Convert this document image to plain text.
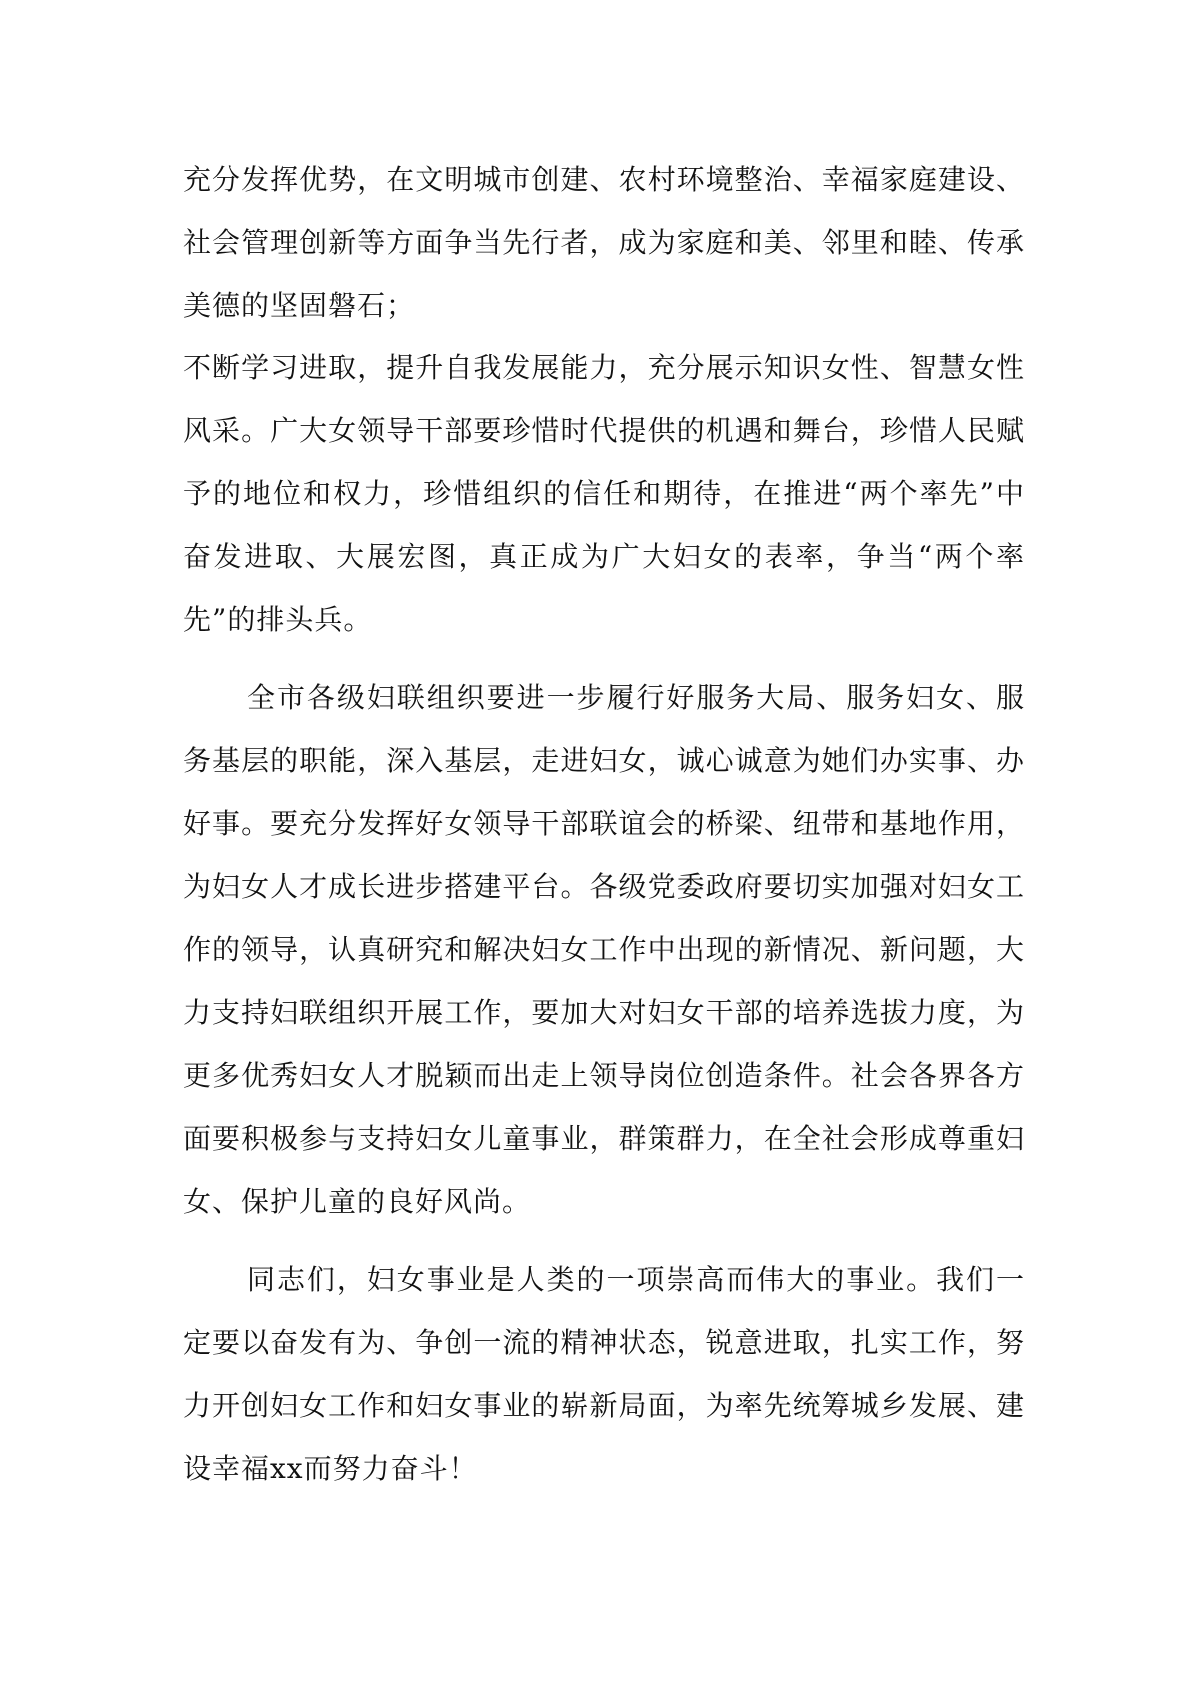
充分发挥优势，在文明城市创建、农村环境整治、幸福家庭建设、社会管理创新等方面争当先行者，成为家庭和美、邻里和睦、传承美德的坚固磐石；

不断学习进取，提升自我发展能力，充分展示知识女性、智慧女性风采。广大女领导干部要珍惜时代提供的机遇和舞台，珍惜人民赋予的地位和权力，珍惜组织的信任和期待，在推进“两个率先”中奋发进取、大展宏图，真正成为广大妇女的表率，争当“两个率先”的排头兵。

全市各级妇联组织要进一步履行好服务大局、服务妇女、服务基层的职能，深入基层，走进妇女，诚心诚意为她们办实事、办好事。要充分发挥好女领导干部联谊会的桥梁、纽带和基地作用，为妇女人才成长进步搭建平台。各级党委政府要切实加强对妇女工作的领导，认真研究和解决妇女工作中出现的新情况、新问题，大力支持妇联组织开展工作，要加大对妇女干部的培养选拔力度，为更多优秀妇女人才脱颖而出走上领导岗位创造条件。社会各界各方面要积极参与支持妇女儿童事业，群策群力，在全社会形成尊重妇女、保护儿童的良好风尚。

同志们，妇女事业是人类的一项崇高而伟大的事业。我们一定要以奋发有为、争创一流的精神状态，锐意进取，扎实工作，努力开创妇女工作和妇女事业的崭新局面，为率先统筹城乡发展、建设幸福xx而努力奋斗！
